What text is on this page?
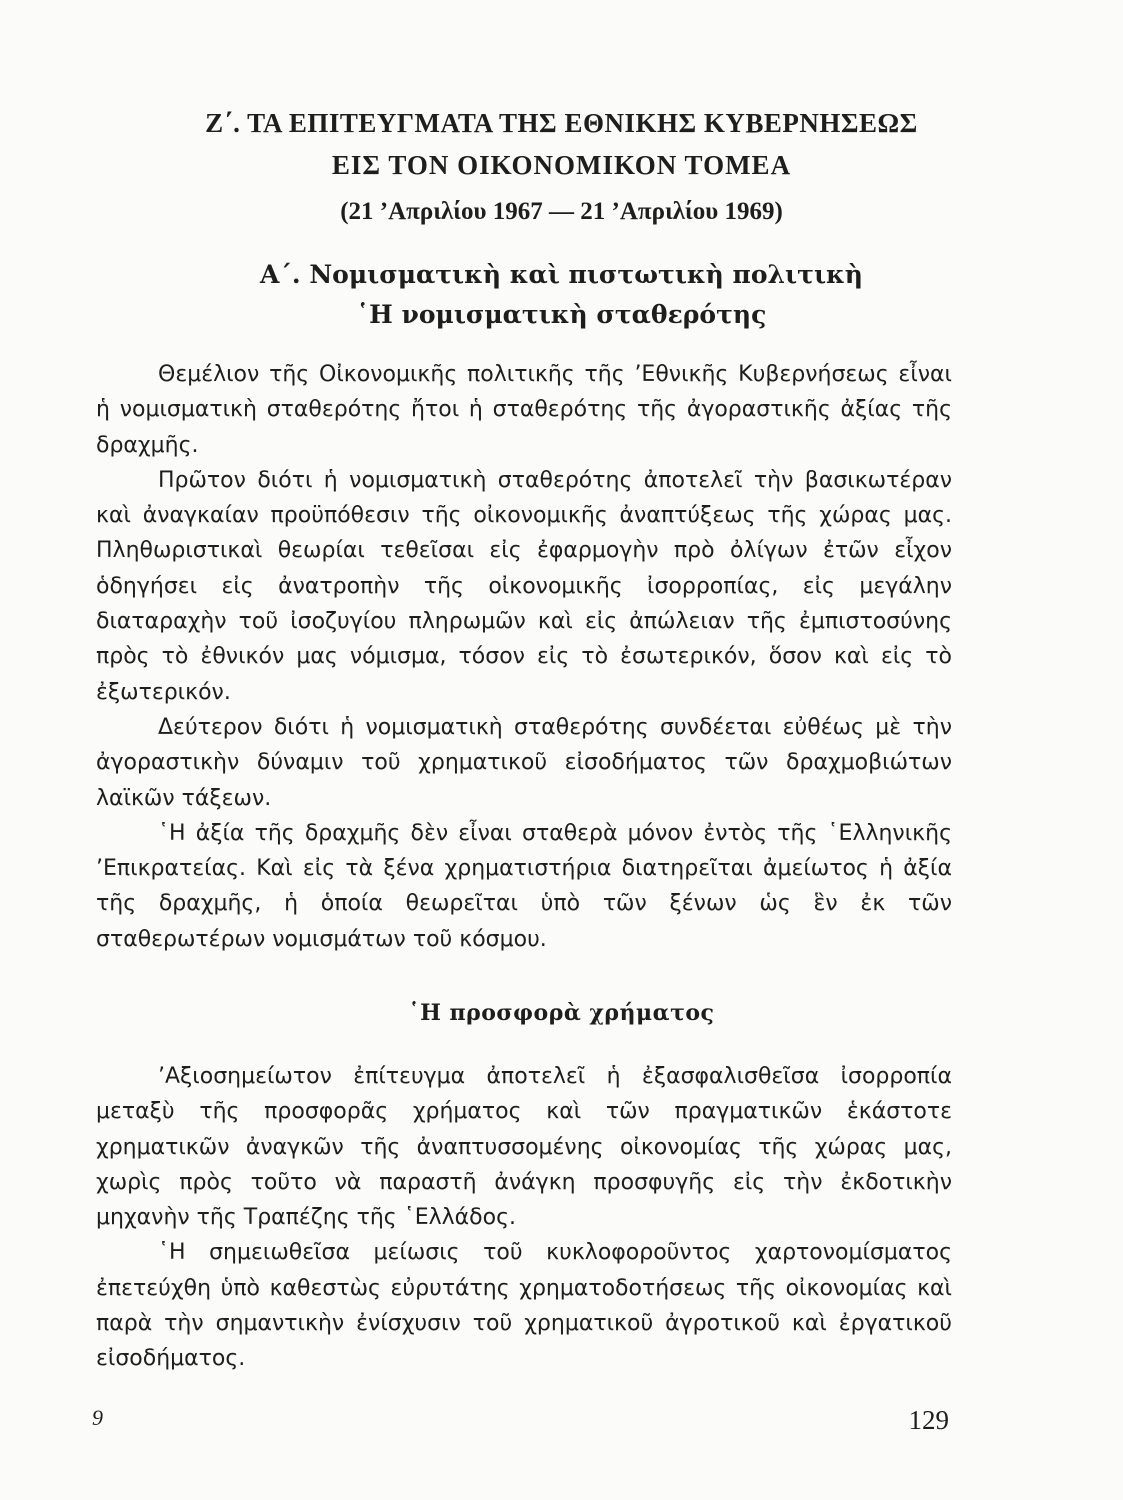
Ζ΄. ΤΑ ΕΠΙΤΕΥΓΜΑΤΑ ΤΗΣ ΕΘΝΙΚΗΣ ΚΥΒΕΡΝΗΣΕΩΣ
ΕΙΣ ΤΟΝ ΟΙΚΟΝΟΜΙΚΟΝ ΤΟΜΕΑ
(21 ’Απριλίου 1967 — 21 ’Απριλίου 1969)
Α΄. Νομισματικὴ καὶ πιστωτικὴ πολιτικὴ
῾Η νομισματικὴ σταθερότης

Θεμέλιον τῆς Οἰκονομικῆς πολιτικῆς τῆς ’Εθνικῆς Κυβερνήσεως εἶναι ἡ νομισματικὴ σταθερότης ἤτοι ἡ σταθερότης τῆς ἀγοραστικῆς ἀξίας τῆς δραχμῆς.

Πρῶτον διότι ἡ νομισματικὴ σταθερότης ἀποτελεῖ τὴν βασικωτέραν καὶ ἀναγκαίαν προϋπόθεσιν τῆς οἰκονομικῆς ἀναπτύξεως τῆς χώρας μας. Πληθωριστικαὶ θεωρίαι τεθεῖσαι εἰς ἐφαρμογὴν πρὸ ὀλίγων ἐτῶν εἶχον ὁδηγήσει εἰς ἀνατροπὴν τῆς οἰκονομικῆς ἰσορροπίας, εἰς μεγάλην διαταραχὴν τοῦ ἰσοζυγίου πληρωμῶν καὶ εἰς ἀπώλειαν τῆς ἐμπιστοσύνης πρὸς τὸ ἐθνικόν μας νόμισμα, τόσον εἰς τὸ ἐσωτερικόν, ὅσον καὶ εἰς τὸ ἐξωτερικόν.

Δεύτερον διότι ἡ νομισματικὴ σταθερότης συνδέεται εὐθέως μὲ τὴν ἀγοραστικὴν δύναμιν τοῦ χρηματικοῦ εἰσοδήματος τῶν δραχμοβιώτων λαϊκῶν τάξεων.

῾Η ἀξία τῆς δραχμῆς δὲν εἶναι σταθερὰ μόνον ἐντὸς τῆς ῾Ελληνικῆς ’Επικρατείας. Καὶ εἰς τὰ ξένα χρηματιστήρια διατηρεῖται ἀμείωτος ἡ ἀξία τῆς δραχμῆς, ἡ ὁποία θεωρεῖται ὑπὸ τῶν ξένων ὡς ἓν ἐκ τῶν σταθερωτέρων νομισμάτων τοῦ κόσμου.

῾Η προσφορὰ χρήματος

’Αξιοσημείωτον ἐπίτευγμα ἀποτελεῖ ἡ ἐξασφαλισθεῖσα ἰσορροπία μεταξὺ τῆς προσφορᾶς χρήματος καὶ τῶν πραγματικῶν ἑκάστοτε χρηματικῶν ἀναγκῶν τῆς ἀναπτυσσομένης οἰκονομίας τῆς χώρας μας, χωρὶς πρὸς τοῦτο νὰ παραστῆ ἀνάγκη προσφυγῆς εἰς τὴν ἐκδοτικὴν μηχανὴν τῆς Τραπέζης τῆς ῾Ελλάδος.

῾Η σημειωθεῖσα μείωσις τοῦ κυκλοφοροῦντος χαρτονομίσματος ἐπετεύχθη ὑπὸ καθεστὼς εὐρυτάτης χρηματοδοτήσεως τῆς οἰκονομίας καὶ παρὰ τὴν σημαντικὴν ἐνίσχυσιν τοῦ χρηματικοῦ ἀγροτικοῦ καὶ ἐργατικοῦ εἰσοδήματος.

9	129
